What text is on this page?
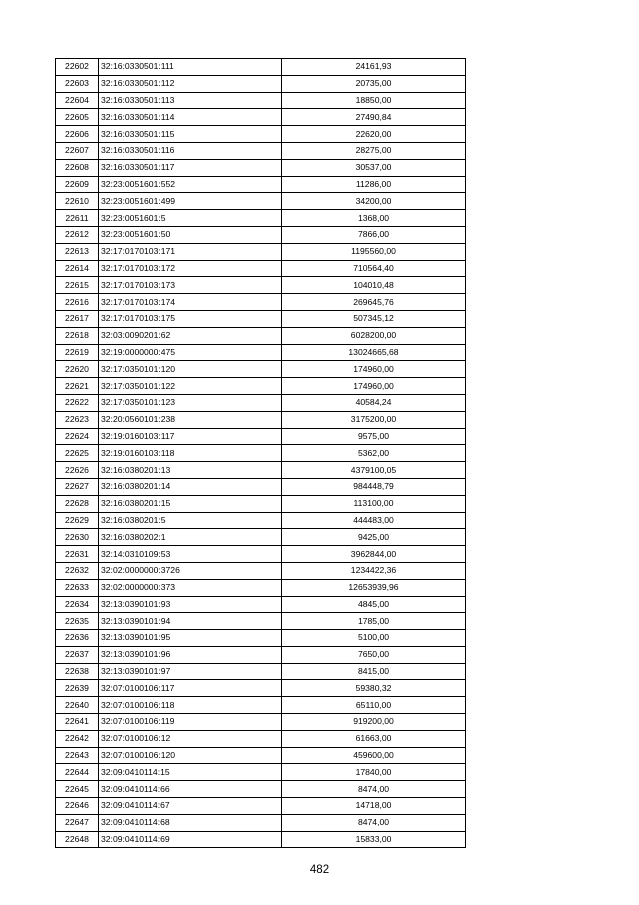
22602	32:16:0330501:111	24161,93
22603	32:16:0330501:112	20735,00
22604	32:16:0330501:113	18850,00
22605	32:16:0330501:114	27490,84
22606	32:16:0330501:115	22620,00
22607	32:16:0330501:116	28275,00
22608	32:16:0330501:117	30537,00
22609	32:23:0051601:552	11286,00
22610	32:23:0051601:499	34200,00
22611	32:23:0051601:5	1368,00
22612	32:23:0051601:50	7866,00
22613	32:17:0170103:171	1195560,00
22614	32:17:0170103:172	710564,40
22615	32:17:0170103:173	104010,48
22616	32:17:0170103:174	269645,76
22617	32:17:0170103:175	507345,12
22618	32:03:0090201:62	6028200,00
22619	32:19:0000000:475	13024665,68
22620	32:17:0350101:120	174960,00
22621	32:17:0350101:122	174960,00
22622	32:17:0350101:123	40584,24
22623	32:20:0560101:238	3175200,00
22624	32:19:0160103:117	9575,00
22625	32:19:0160103:118	5362,00
22626	32:16:0380201:13	4379100,05
22627	32:16:0380201:14	984448,79
22628	32:16:0380201:15	113100,00
22629	32:16:0380201:5	444483,00
22630	32:16:0380202:1	9425,00
22631	32:14:0310109:53	3962844,00
22632	32:02:0000000:3726	1234422,36
22633	32:02:0000000:373	12653939,96
22634	32:13:0390101:93	4845,00
22635	32:13:0390101:94	1785,00
22636	32:13:0390101:95	5100,00
22637	32:13:0390101:96	7650,00
22638	32:13:0390101:97	8415,00
22639	32:07:0100106:117	59380,32
22640	32:07:0100106:118	65110,00
22641	32:07:0100106:119	919200,00
22642	32:07:0100106:12	61663,00
22643	32:07:0100106:120	459600,00
22644	32:09:0410114:15	17840,00
22645	32:09:0410114:66	8474,00
22646	32:09:0410114:67	14718,00
22647	32:09:0410114:68	8474,00
22648	32:09:0410114:69	15833,00
482
